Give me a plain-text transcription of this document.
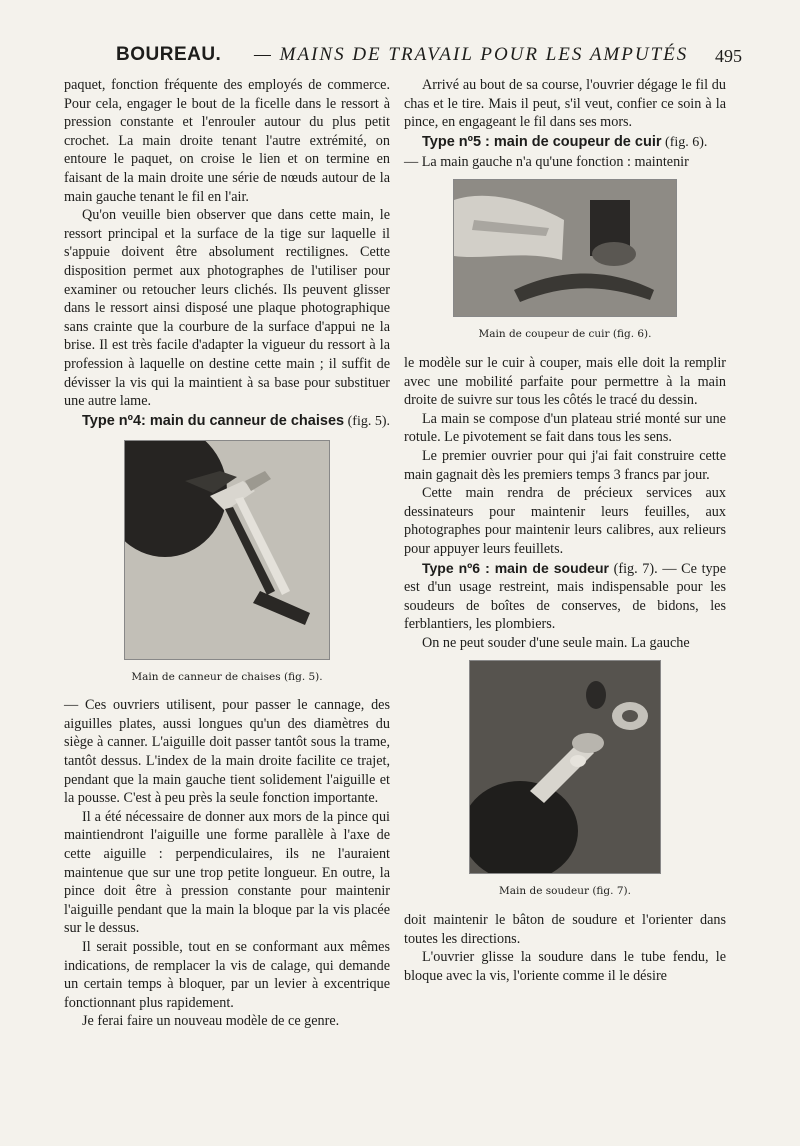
BOUREAU. — MAINS DE TRAVAIL POUR LES AMPUTÉS 495

paquet, fonction fréquente des employés de commerce. Pour cela, engager le bout de la ficelle dans le ressort à pression constante et l'enrouler autour du plus petit crochet. La main droite tenant l'autre extrémité, on entoure le paquet, on croise le lien et on termine en faisant de la main droite une série de nœuds autour de la main gauche tenant le fil en l'air.

Qu'on veuille bien observer que dans cette main, le ressort principal et la surface de la tige sur laquelle il s'appuie doivent être absolument rectilignes. Cette disposition permet aux photographes de l'utiliser pour examiner ou retoucher leurs clichés. Ils peuvent glisser dans le ressort ainsi disposé une plaque photographique sans crainte que la courbure de la surface d'appui ne la brise. Il est très facile d'adapter la vigueur du ressort à la profession à laquelle on destine cette main ; il suffit de dévisser la vis qui la maintient à sa base pour substituer une autre lame.

Type nº4: main du canneur de chaises (fig. 5).

Main de canneur de chaises (fig. 5).

— Ces ouvriers utilisent, pour passer le cannage, des aiguilles plates, aussi longues qu'un des diamètres du siège à canner. L'aiguille doit passer tantôt sous la trame, tantôt dessus. L'index de la main droite facilite ce trajet, pendant que la main gauche tient solidement l'aiguille et la pousse. C'est à peu près la seule fonction importante.

Il a été nécessaire de donner aux mors de la pince qui maintiendront l'aiguille une forme parallèle à l'axe de cette aiguille : perpendiculaires, ils ne l'auraient maintenue que sur une trop petite longueur. En outre, la pince doit être à pression constante pour maintenir l'aiguille pendant que la main la bloque par la vis placée sur le dessus.

Il serait possible, tout en se conformant aux mêmes indications, de remplacer la vis de calage, qui demande un certain temps à bloquer, par un levier à excentrique fonctionnant plus rapidement.

Je ferai faire un nouveau modèle de ce genre.

Arrivé au bout de sa course, l'ouvrier dégage le fil du chas et le tire. Mais il peut, s'il veut, confier ce soin à la pince, en engageant le fil dans ses mors.

Type nº5 : main de coupeur de cuir (fig. 6).

— La main gauche n'a qu'une fonction : maintenir

Main de coupeur de cuir (fig. 6).

le modèle sur le cuir à couper, mais elle doit la remplir avec une mobilité parfaite pour permettre à la main droite de suivre sur tous les côtés le tracé du dessin.

La main se compose d'un plateau strié monté sur une rotule. Le pivotement se fait dans tous les sens.

Le premier ouvrier pour qui j'ai fait construire cette main gagnait dès les premiers temps 3 francs par jour.

Cette main rendra de précieux services aux dessinateurs pour maintenir leurs feuilles, aux photographes pour maintenir leurs calibres, aux relieurs pour appuyer leurs feuillets.

Type nº6 : main de soudeur (fig. 7). — Ce type est d'un usage restreint, mais indispensable pour les soudeurs de boîtes de conserves, de bidons, les ferblantiers, les plombiers.

On ne peut souder d'une seule main. La gauche

Main de soudeur (fig. 7).

doit maintenir le bâton de soudure et l'orienter dans toutes les directions.

L'ouvrier glisse la soudure dans le tube fendu, le bloque avec la vis, l'oriente comme il le désire
